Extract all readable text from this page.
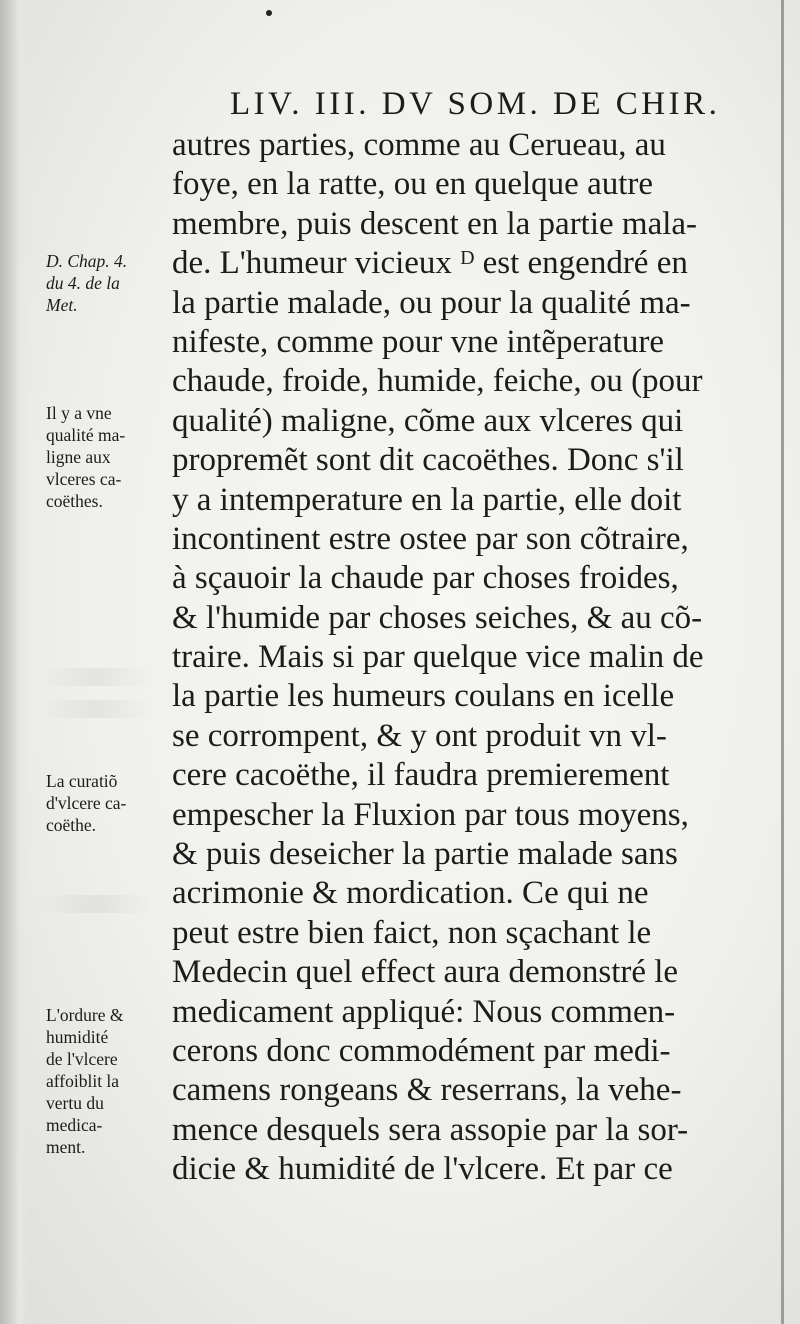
LIV. III. DV SOM. DE CHIR.
autres parties, comme au Cerueau, au
foye, en la ratte, ou en quelque autre
membre, puis descent en la partie mala-
de. L'humeur vicieux ᴰ est engendré en
la partie malade, ou pour la qualité ma-
nifeste, comme pour vne intẽperature
chaude, froide, humide, feiche, ou (pour
qualité) maligne, cõme aux vlceres qui
propremẽt sont dit cacoëthes. Donc s'il
y a intemperature en la partie, elle doit
incontinent estre ostee par son cõtraire,
à sçauoir la chaude par choses froides,
& l'humide par choses seiches, & au cõ-
traire. Mais si par quelque vice malin de
la partie les humeurs coulans en icelle
se corrompent, & y ont produit vn vl-
cere cacoëthe, il faudra premierement
empescher la Fluxion par tous moyens,
& puis deseicher la partie malade sans
acrimonie & mordication. Ce qui ne
peut estre bien faict, non sçachant le
Medecin quel effect aura demonstré le
medicament appliqué: Nous commen-
cerons donc commodément par medi-
camens rongeans & reserrans, la vehe-
mence desquels sera assopie par la sor-
dicie & humidité de l'vlcere. Et par ce
D. Chap. 4.
du 4. de la
Met.
Il y a vne
qualité ma-
ligne aux
vlceres ca-
coëthes.
La curatiõ
d'vlcere ca-
coëthe.
L'ordure &
humidité
de l'vlcere
affoiblit la
vertu du
medica-
ment.
